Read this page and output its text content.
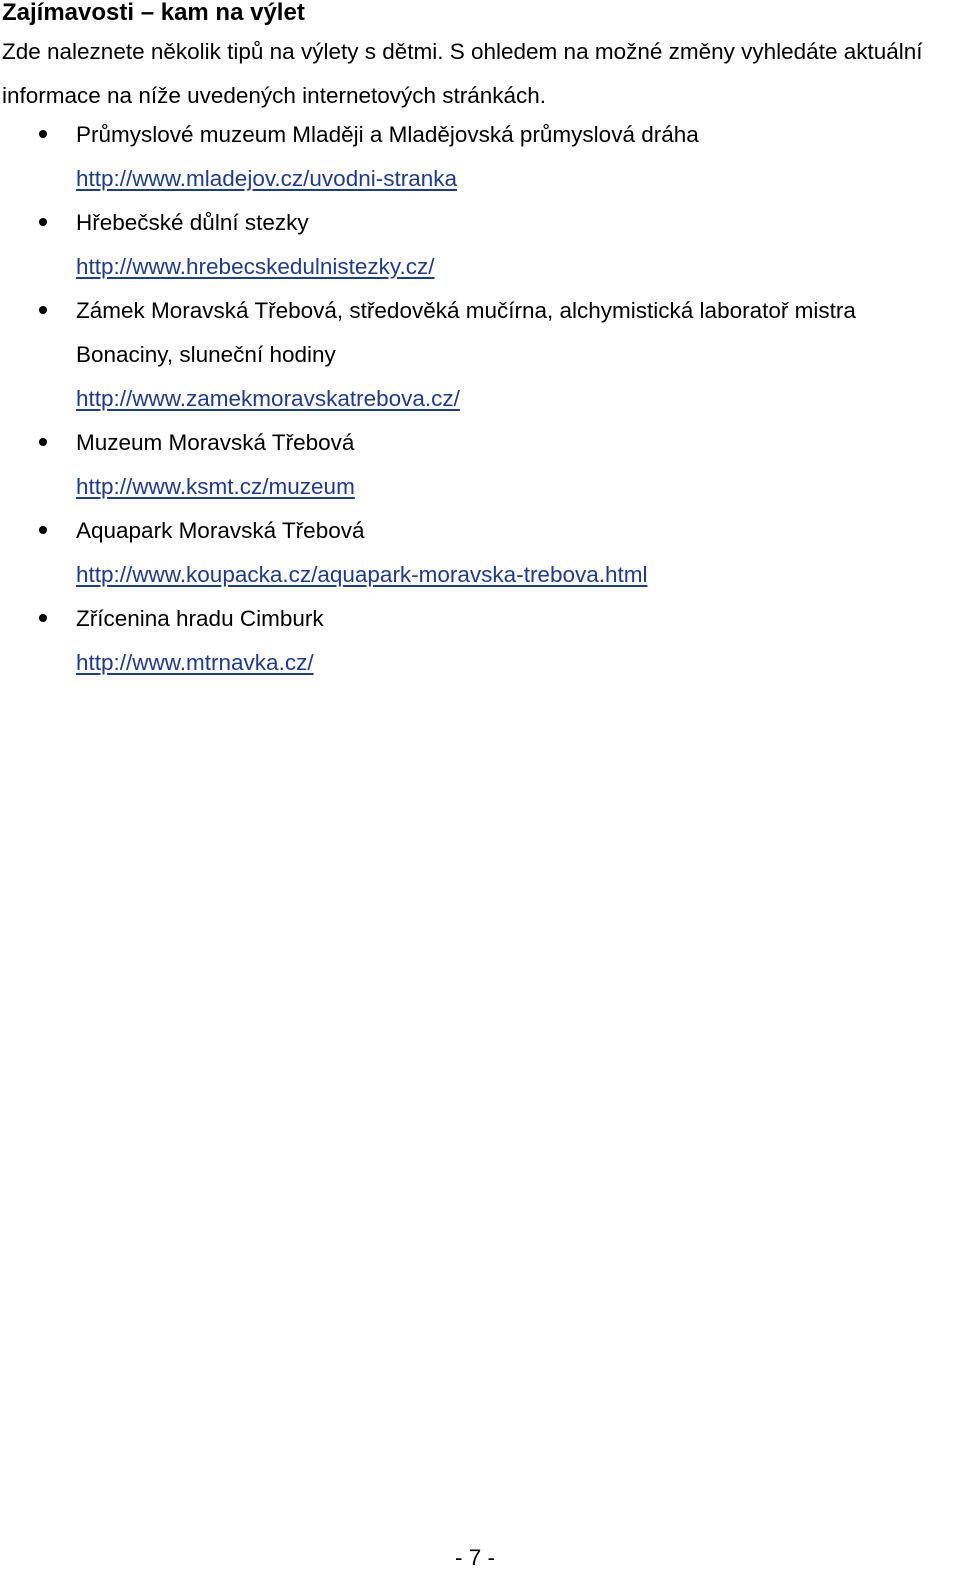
Zajímavosti – kam na výlet
Zde naleznete několik tipů na výlety s dětmi. S ohledem na možné změny vyhledáte aktuální informace na níže uvedených internetových stránkách.
Průmyslové muzeum Mlaději a Mladějovská průmyslová dráha
http://www.mladejov.cz/uvodni-stranka
Hřebečské důlní stezky
http://www.hrebecskedulnistezky.cz/
Zámek Moravská Třebová, středověká mučírna, alchymistická laboratoř mistra
Bonaciny, sluneční hodiny
http://www.zamekmoravskatrebova.cz/
Muzeum Moravská Třebová
http://www.ksmt.cz/muzeum
Aquapark Moravská Třebová
http://www.koupacka.cz/aquapark-moravska-trebova.html
Zřícenina hradu Cimburk
http://www.mtrnavka.cz/
- 7 -
